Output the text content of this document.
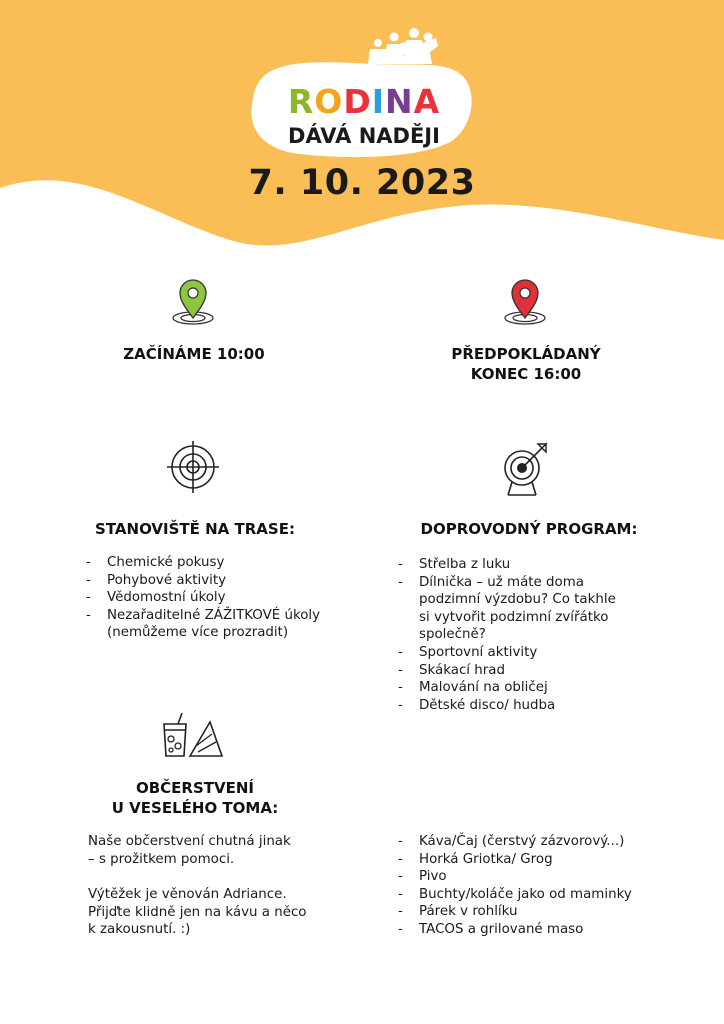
RODINA
DÁVÁ NADĚJI
7. 10. 2023
ZAČÍNÁME 10:00	PŘEDPOKLÁDANÝ
KONEC 16:00
STANOVIŠTĚ NA TRASE:
- Chemické pokusy
- Pohybové aktivity
- Vědomostní úkoly
- Nezařaditelné ZÁŽITKOVÉ úkoly
(nemůžeme více prozradit)
DOPROVODNÝ PROGRAM:
- Střelba z luku
- Dílnička – už máte doma
podzimní výzdobu? Co takhle
si vytvořit podzimní zvířátko
společně?
- Sportovní aktivity
- Skákací hrad
- Malování na obličej
- Dětské disco/ hudba
OBČERSTVENÍ
U VESELÉHO TOMA:
Naše občerstvení chutná jinak
– s prožitkem pomoci.
Výtěžek je věnován Adriance.
Přijďte klidně jen na kávu a něco
k zakousnutí. :)
- Káva/Čaj (čerstvý zázvorový...)
- Horká Griotka/ Grog
- Pivo
- Buchty/koláče jako od maminky
- Párek v rohlíku
- TACOS a grilované maso
